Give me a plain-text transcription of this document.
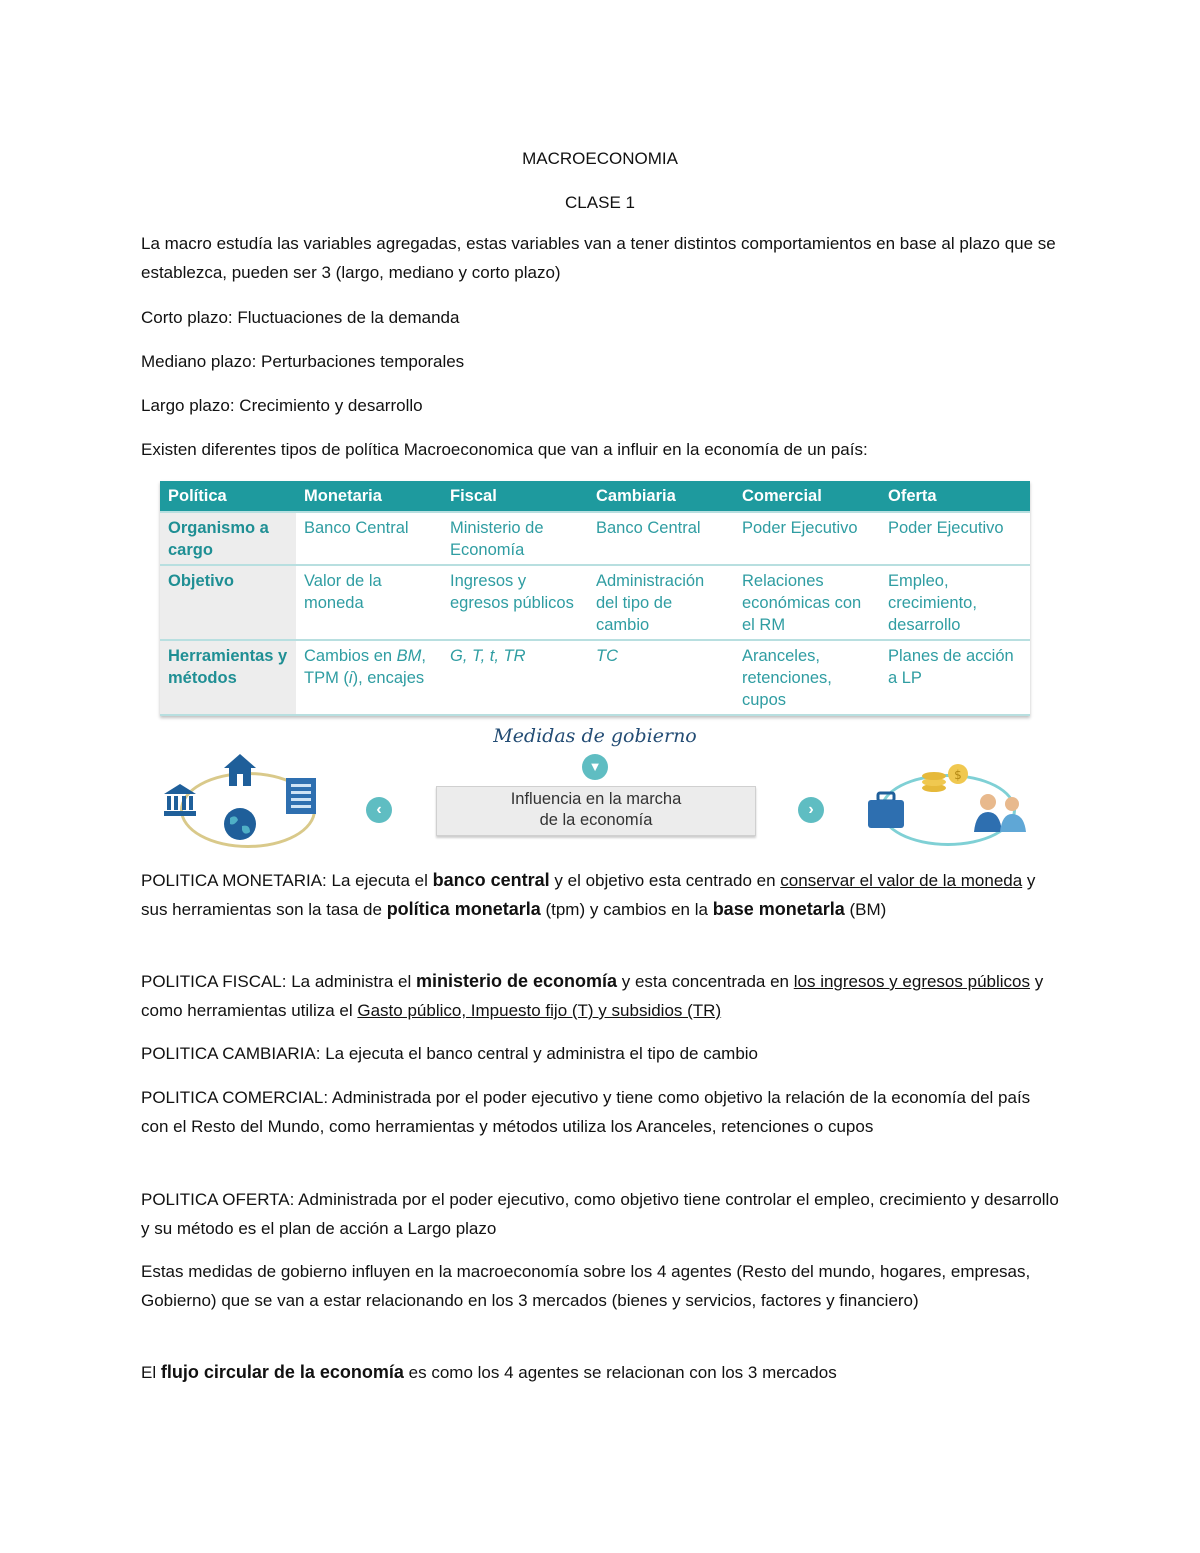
MACROECONOMIA
CLASE 1

La macro estudía las variables agregadas, estas variables van a tener distintos comportamientos en base al plazo que se establezca, pueden ser 3 (largo, mediano y corto plazo)

Corto plazo: Fluctuaciones de la demanda

Mediano plazo: Perturbaciones temporales

Largo plazo: Crecimiento y desarrollo

Existen diferentes tipos de política Macroeconomica que van a influir en la economía de un país:

Política	Monetaria	Fiscal	Cambiaria	Comercial	Oferta
Organismo a cargo	Banco Central	Ministerio de Economía	Banco Central	Poder Ejecutivo	Poder Ejecutivo
Objetivo	Valor de la moneda	Ingresos y egresos públicos	Administración del tipo de cambio	Relaciones económicas con el RM	Empleo, crecimiento, desarrollo
Herramientas y métodos	Cambios en BM, TPM (i), encajes	G, T, t, TR	TC	Aranceles, retenciones, cupos	Planes de acción a LP
‹
Medidas de gobierno
▼
Influencia en la marcha
de la economía
›
$

POLITICA MONETARIA: La ejecuta el banco central y el objetivo esta centrado en conservar el valor de la moneda y sus herramientas son la tasa de política monetarla (tpm) y cambios en la base monetarla (BM)

POLITICA FISCAL: La administra el ministerio de economía y esta concentrada en los ingresos y egresos públicos y como herramientas utiliza el Gasto público, Impuesto fijo (T) y subsidios (TR)

POLITICA CAMBIARIA: La ejecuta el banco central y administra el tipo de cambio

POLITICA COMERCIAL: Administrada por el poder ejecutivo y tiene como objetivo la relación de la economía del país con el Resto del Mundo, como herramientas y métodos utiliza los Aranceles, retenciones o cupos

POLITICA OFERTA: Administrada por el poder ejecutivo, como objetivo tiene controlar el empleo, crecimiento y desarrollo y su método es el plan de acción a Largo plazo

Estas medidas de gobierno influyen en la macroeconomía sobre los 4 agentes (Resto del mundo, hogares, empresas, Gobierno) que se van a estar relacionando en los 3 mercados (bienes y servicios, factores y financiero)

El flujo circular de la economía es como los 4 agentes se relacionan con los 3 mercados
